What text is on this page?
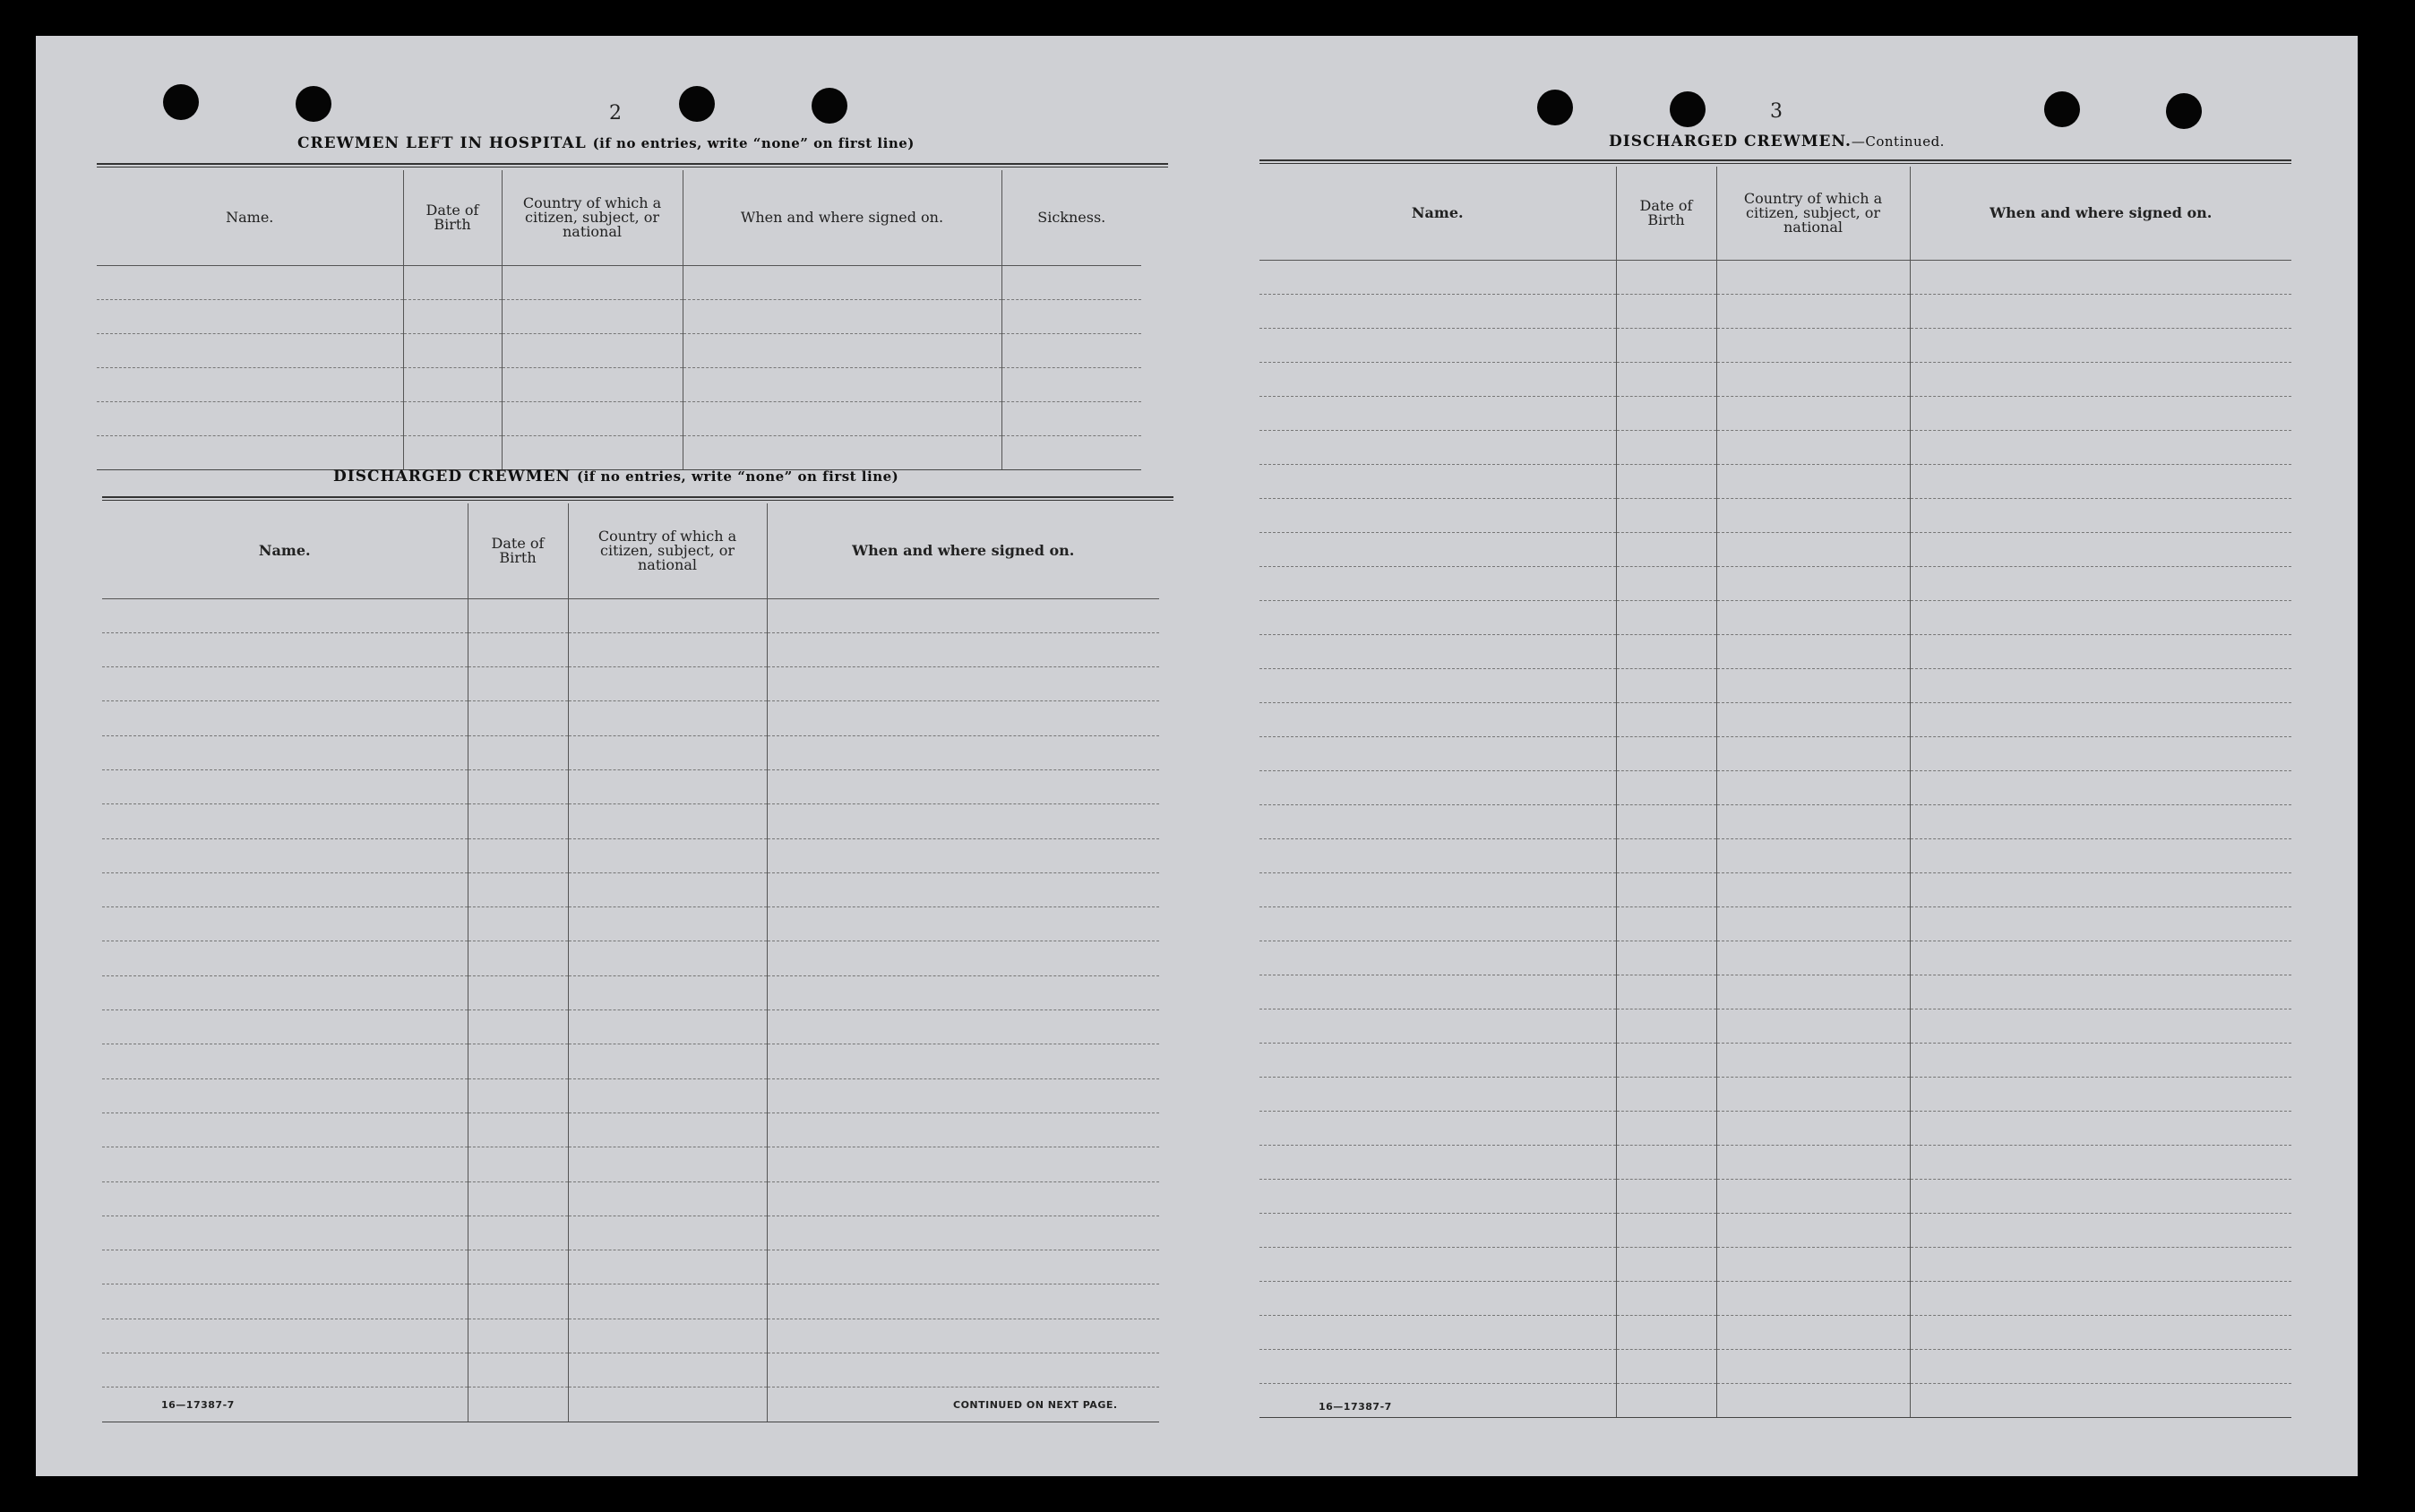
2
CREWMEN LEFT IN HOSPITAL (if no entries, write “none” on first line)
Name.	Date of Birth	Country of which a citizen, subject, or national	When and where signed on.	Sickness.

DISCHARGED CREWMEN (if no entries, write “none” on first line)
Name.	Date of Birth	Country of which a citizen, subject, or national	When and where signed on.

16—17387-7	CONTINUED ON NEXT PAGE.
3
DISCHARGED CREWMEN.—Continued.
Name.	Date of Birth	Country of which a citizen, subject, or national	When and where signed on.

16—17387-7
